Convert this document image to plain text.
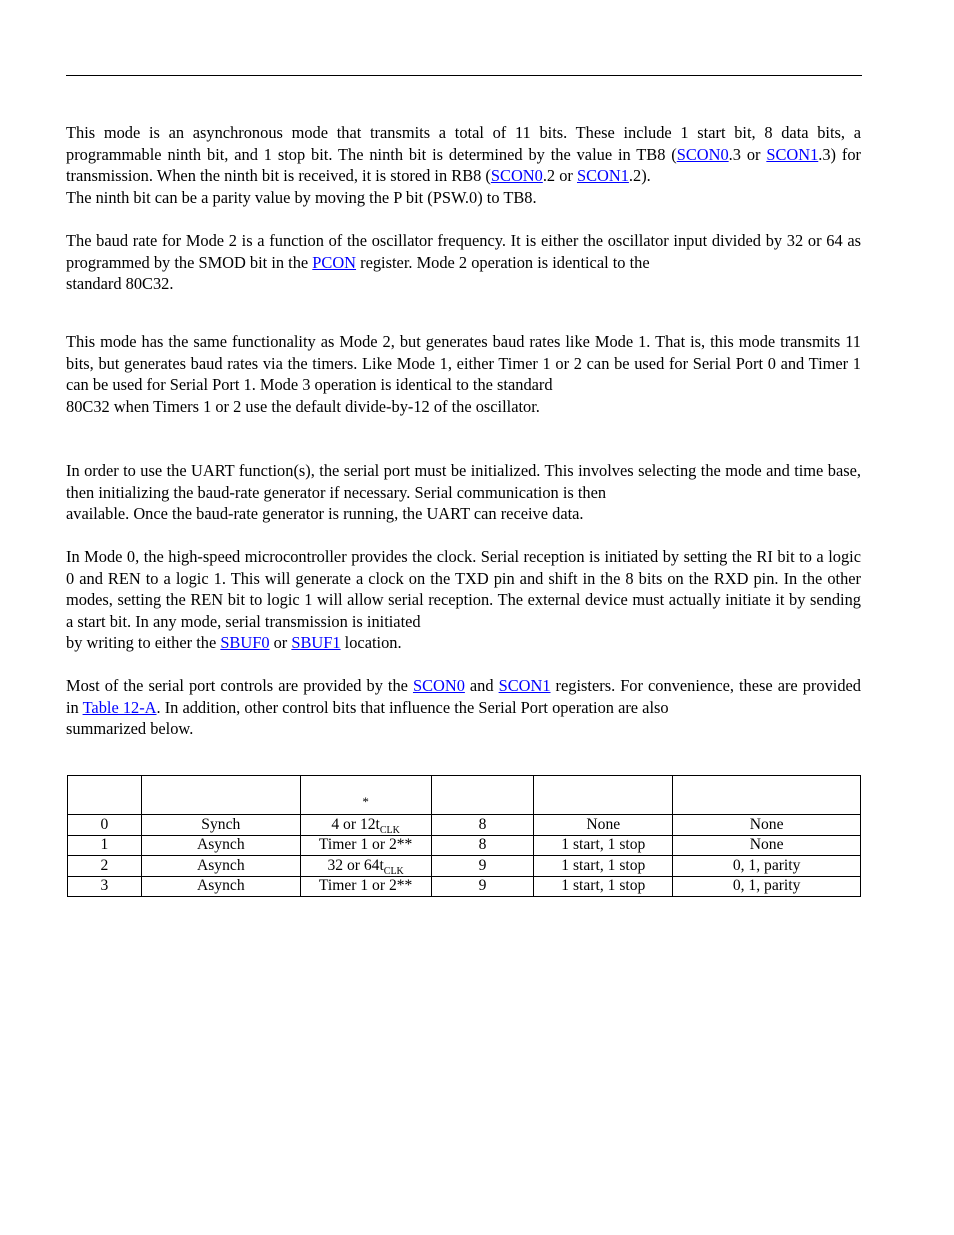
This mode is an asynchronous mode that transmits a total of 11 bits. These include 1 start bit, 8 data bits, a programmable ninth bit, and 1 stop bit. The ninth bit is determined by the value in TB8 (SCON0.3 or SCON1.3) for transmission. When the ninth bit is received, it is stored in RB8 (SCON0.2 or SCON1.2).
The ninth bit can be a parity value by moving the P bit (PSW.0) to TB8.

The baud rate for Mode 2 is a function of the oscillator frequency. It is either the oscillator input divided by 32 or 64 as programmed by the SMOD bit in the PCON register. Mode 2 operation is identical to the
standard 80C32.

This mode has the same functionality as Mode 2, but generates baud rates like Mode 1. That is, this mode transmits 11 bits, but generates baud rates via the timers. Like Mode 1, either Timer 1 or 2 can be used for Serial Port 0 and Timer 1 can be used for Serial Port 1. Mode 3 operation is identical to the standard
80C32 when Timers 1 or 2 use the default divide-by-12 of the oscillator.

In order to use the UART function(s), the serial port must be initialized. This involves selecting the mode and time base, then initializing the baud-rate generator if necessary. Serial communication is then
available. Once the baud-rate generator is running, the UART can receive data.

In Mode 0, the high-speed microcontroller provides the clock. Serial reception is initiated by setting the RI bit to a logic 0 and REN to a logic 1. This will generate a clock on the TXD pin and shift in the 8 bits on the RXD pin. In the other modes, setting the REN bit to logic 1 will allow serial reception. The external device must actually initiate it by sending a start bit. In any mode, serial transmission is initiated
by writing to either the SBUF0 or SBUF1 location.

Most of the serial port controls are provided by the SCON0 and SCON1 registers. For convenience, these are provided in Table 12-A. In addition, other control bits that influence the Serial Port operation are also
summarized below.

		*			
0	Synch	4 or $12t_{CLK}$	8	None	None
1	Asynch	Timer 1 or 2**	8	1 start, 1 stop	None
2	Asynch	32 or $64t_{CLK}$	9	1 start, 1 stop	0, 1, parity
3	Asynch	Timer 1 or 2**	9	1 start, 1 stop	0, 1, parity
